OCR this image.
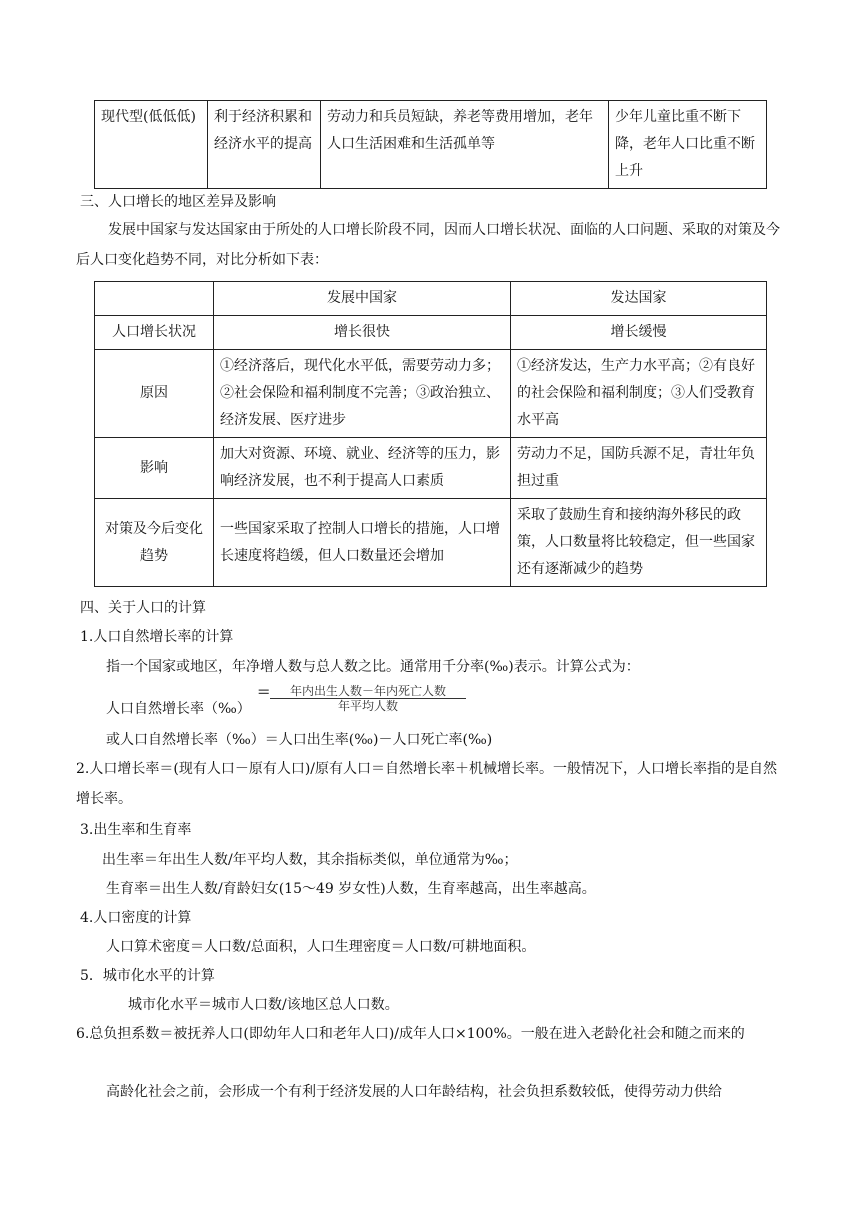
现代型(低低低)	利于经济积累和经济水平的提高	劳动力和兵员短缺，养老等费用增加，老年人口生活困难和生活孤单等	少年儿童比重不断下降，老年人口比重不断上升
三、人口增长的地区差异及影响
发展中国家与发达国家由于所处的人口增长阶段不同，因而人口增长状况、面临的人口问题、采取的对策及今后人口变化趋势不同，对比分析如下表：
	发展中国家	发达国家
人口增长状况	增长很快	增长缓慢
原因	①经济落后，现代化水平低，需要劳动力多；②社会保险和福利制度不完善；③政治独立、经济发展、医疗进步	①经济发达，生产力水平高；②有良好的社会保险和福利制度；③人们受教育水平高
影响	加大对资源、环境、就业、经济等的压力，影响经济发展，也不利于提高人口素质	劳动力不足，国防兵源不足，青壮年负担过重
对策及今后变化趋势	一些国家采取了控制人口增长的措施，人口增长速度将趋缓，但人口数量还会增加	采取了鼓励生育和接纳海外移民的政策，人口数量将比较稳定，但一些国家还有逐渐减少的趋势
四、关于人口的计算
1.人口自然增长率的计算
指一个国家或地区，年净增人数与总人数之比。通常用千分率(‰)表示。计算公式为：
人口自然增长率（‰）
=	年内出生人数－年内死亡人数
年平均人数
或人口自然增长率（‰）＝人口出生率(‰)－人口死亡率(‰)
2.人口增长率＝(现有人口－原有人口)/原有人口＝自然增长率＋机械增长率。一般情况下，人口增长率指的是自然增长率。
3.出生率和生育率
出生率＝年出生人数/年平均人数，其余指标类似，单位通常为‰；
生育率＝出生人数/育龄妇女(15～49 岁女性)人数，生育率越高，出生率越高。
4.人口密度的计算
人口算术密度＝人口数/总面积，人口生理密度＝人口数/可耕地面积。
5．城市化水平的计算
城市化水平＝城市人口数/该地区总人口数。
6.总负担系数＝被抚养人口(即幼年人口和老年人口)/成年人口×100%。一般在进入老龄化社会和随之而来的
高龄化社会之前，会形成一个有利于经济发展的人口年龄结构，社会负担系数较低，使得劳动力供给
